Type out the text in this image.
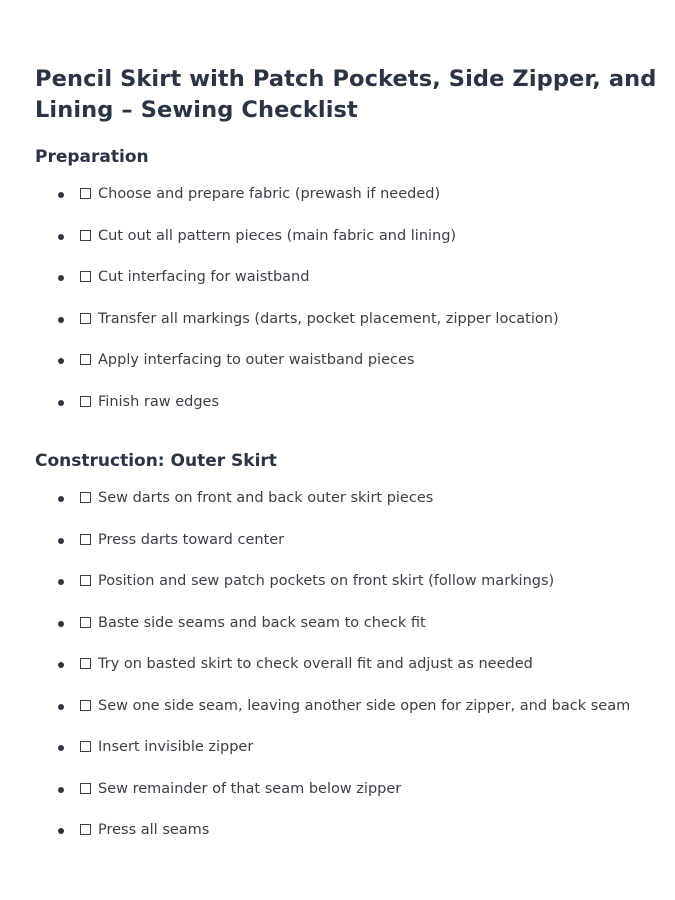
Pencil Skirt with Patch Pockets, Side Zipper, and
Lining – Sewing Checklist
Preparation
Choose and prepare fabric (prewash if needed)
Cut out all pattern pieces (main fabric and lining)
Cut interfacing for waistband
Transfer all markings (darts, pocket placement, zipper location)
Apply interfacing to outer waistband pieces
Finish raw edges
Construction: Outer Skirt
Sew darts on front and back outer skirt pieces
Press darts toward center
Position and sew patch pockets on front skirt (follow markings)
Baste side seams and back seam to check fit
Try on basted skirt to check overall fit and adjust as needed
Sew one side seam, leaving another side open for zipper, and back seam
Insert invisible zipper
Sew remainder of that seam below zipper
Press all seams
